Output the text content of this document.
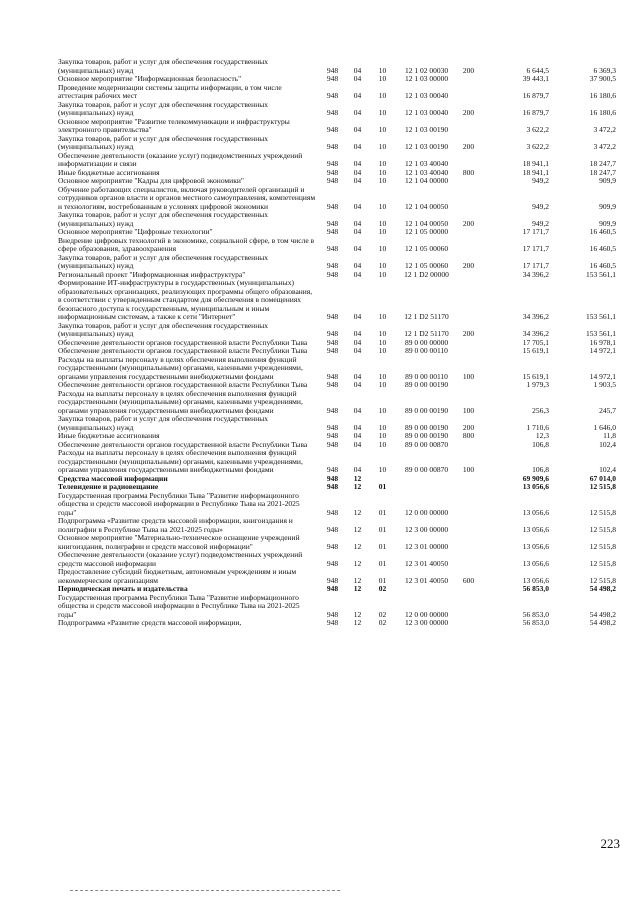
Закупка товаров, работ и услуг для обеспечения государственных (муниципальных) нужд	948	04	10	12 1 02 00030	200	6 644,5	6 369,3
Основное мероприятие "Информационная безопасность"	948	04	10	12 1 03 00000	39 443,1	37 900,5
Проведение модернизации системы защиты информации, в том числе аттестация рабочих мест	948	04	10	12 1 03 00040	16 879,7	16 180,6
Закупка товаров, работ и услуг для обеспечения государственных (муниципальных) нужд	948	04	10	12 1 03 00040	200	16 879,7	16 180,6
Основное мероприятие "Развитие телекоммуникации и инфраструктуры электронного правительства"	948	04	10	12 1 03 00190	3 622,2	3 472,2
Закупка товаров, работ и услуг для обеспечения государственных (муниципальных) нужд	948	04	10	12 1 03 00190	200	3 622,2	3 472,2
Обеспечение деятельности (оказание услуг) подведомственных учреждений информатизации и связи	948	04	10	12 1 03 40040	18 941,1	18 247,7
Иные бюджетные ассигнования	948	04	10	12 1 03 40040	800	18 941,1	18 247,7
Основное мероприятие "Кадры для цифровой экономики"	948	04	10	12 1 04 00000	949,2	909,9
Обучение работающих специалистов, включая руководителей организаций и сотрудников органов власти и органов местного самоуправления, компетенциям и технологиям, востребованным в условиях цифровой экономики	948	04	10	12 1 04 00050	949,2	909,9
Закупка товаров, работ и услуг для обеспечения государственных (муниципальных) нужд	948	04	10	12 1 04 00050	200	949,2	909,9
Основное мероприятие "Цифровые технологии"	948	04	10	12 1 05 00000	17 171,7	16 460,5
Внедрение цифровых технологий в экономике, социальной сфере, в том числе в сфере образования, здравоохранения	948	04	10	12 1 05 00060	17 171,7	16 460,5
Закупка товаров, работ и услуг для обеспечения государственных (муниципальных) нужд	948	04	10	12 1 05 00060	200	17 171,7	16 460,5
Региональный проект "Информационная инфраструктура"	948	04	10	12 1 D2 00000	34 396,2	153 561,1
Формирование ИТ-инфраструктуры в государственных (муниципальных) образовательных организациях, реализующих программы общего образования, в соответствии с утвержденным стандартом для обеспечения в помещениях безопасного доступа к государственным, муниципальным и иным информационным системам, а также к сети "Интернет"	948	04	10	12 1 D2 51170	34 396,2	153 561,1
Закупка товаров, работ и услуг для обеспечения государственных (муниципальных) нужд	948	04	10	12 1 D2 51170	200	34 396,2	153 561,1
Обеспечение деятельности органов государственной власти Республики Тыва	948	04	10	89 0 00 00000	17 705,1	16 978,1
Обеспечение деятельности органов государственной власти Республики Тыва	948	04	10	89 0 00 00110	15 619,1	14 972,1
Расходы на выплаты персоналу в целях обеспечения выполнения функций государственными (муниципальными) органами, казенными учреждениями, органами управления государственными внебюджетными фондами	948	04	10	89 0 00 00110	100	15 619,1	14 972,1
Обеспечение деятельности органов государственной власти Республики Тыва	948	04	10	89 0 00 00190	1 979,3	1 903,5
Расходы на выплаты персоналу в целях обеспечения выполнения функций государственными (муниципальными) органами, казенными учреждениями, органами управления государственными внебюджетными фондами	948	04	10	89 0 00 00190	100	256,3	245,7
Закупка товаров, работ и услуг для обеспечения государственных (муниципальных) нужд	948	04	10	89 0 00 00190	200	1 710,6	1 646,0
Иные бюджетные ассигнования	948	04	10	89 0 00 00190	800	12,3	11,8
Обеспечение деятельности органов государственной власти Республики Тыва	948	04	10	89 0 00 00870	106,8	102,4
Расходы на выплаты персоналу в целях обеспечения выполнения функций государственными (муниципальными) органами, казенными учреждениями, органами управления государственными внебюджетными фондами	948	04	10	89 0 00 00870	100	106,8	102,4
Средства массовой информации	948	12	69 909,6	67 014,0
Телевидение и радиовещание	948	12	01	13 056,6	12 515,8
Государственная программа Республики Тыва "Развитие информационного общества и средств массовой информации в Республике Тыва на 2021-2025 годы"	948	12	01	12 0 00 00000	13 056,6	12 515,8
Подпрограмма «Развитие средств массовой информации, книгоиздания и полиграфии в Республике Тыва на 2021-2025 годы»	948	12	01	12 3 00 00000	13 056,6	12 515,8
Основное мероприятие "Материально-техническое оснащение учреждений книгоиздания, полиграфии и средств массовой информации"	948	12	01	12 3 01 00000	13 056,6	12 515,8
Обеспечение деятельности (оказание услуг) подведомственных учреждений средств массовой информации	948	12	01	12 3 01 40050	13 056,6	12 515,8
Предоставление субсидий бюджетным, автономным учреждениям и иным некоммерческим организациям	948	12	01	12 3 01 40050	600	13 056,6	12 515,8
Периодическая печать и издательства	948	12	02	56 853,0	54 498,2
Государственная программа Республики Тыва "Развитие информационного общества и средств массовой информации в Республике Тыва на 2021-2025 годы"	948	12	02	12 0 00 00000	56 853,0	54 498,2
Подпрограмма «Развитие средств массовой информации,	948	12	02	12 3 00 00000	56 853,0	54 498,2
223
